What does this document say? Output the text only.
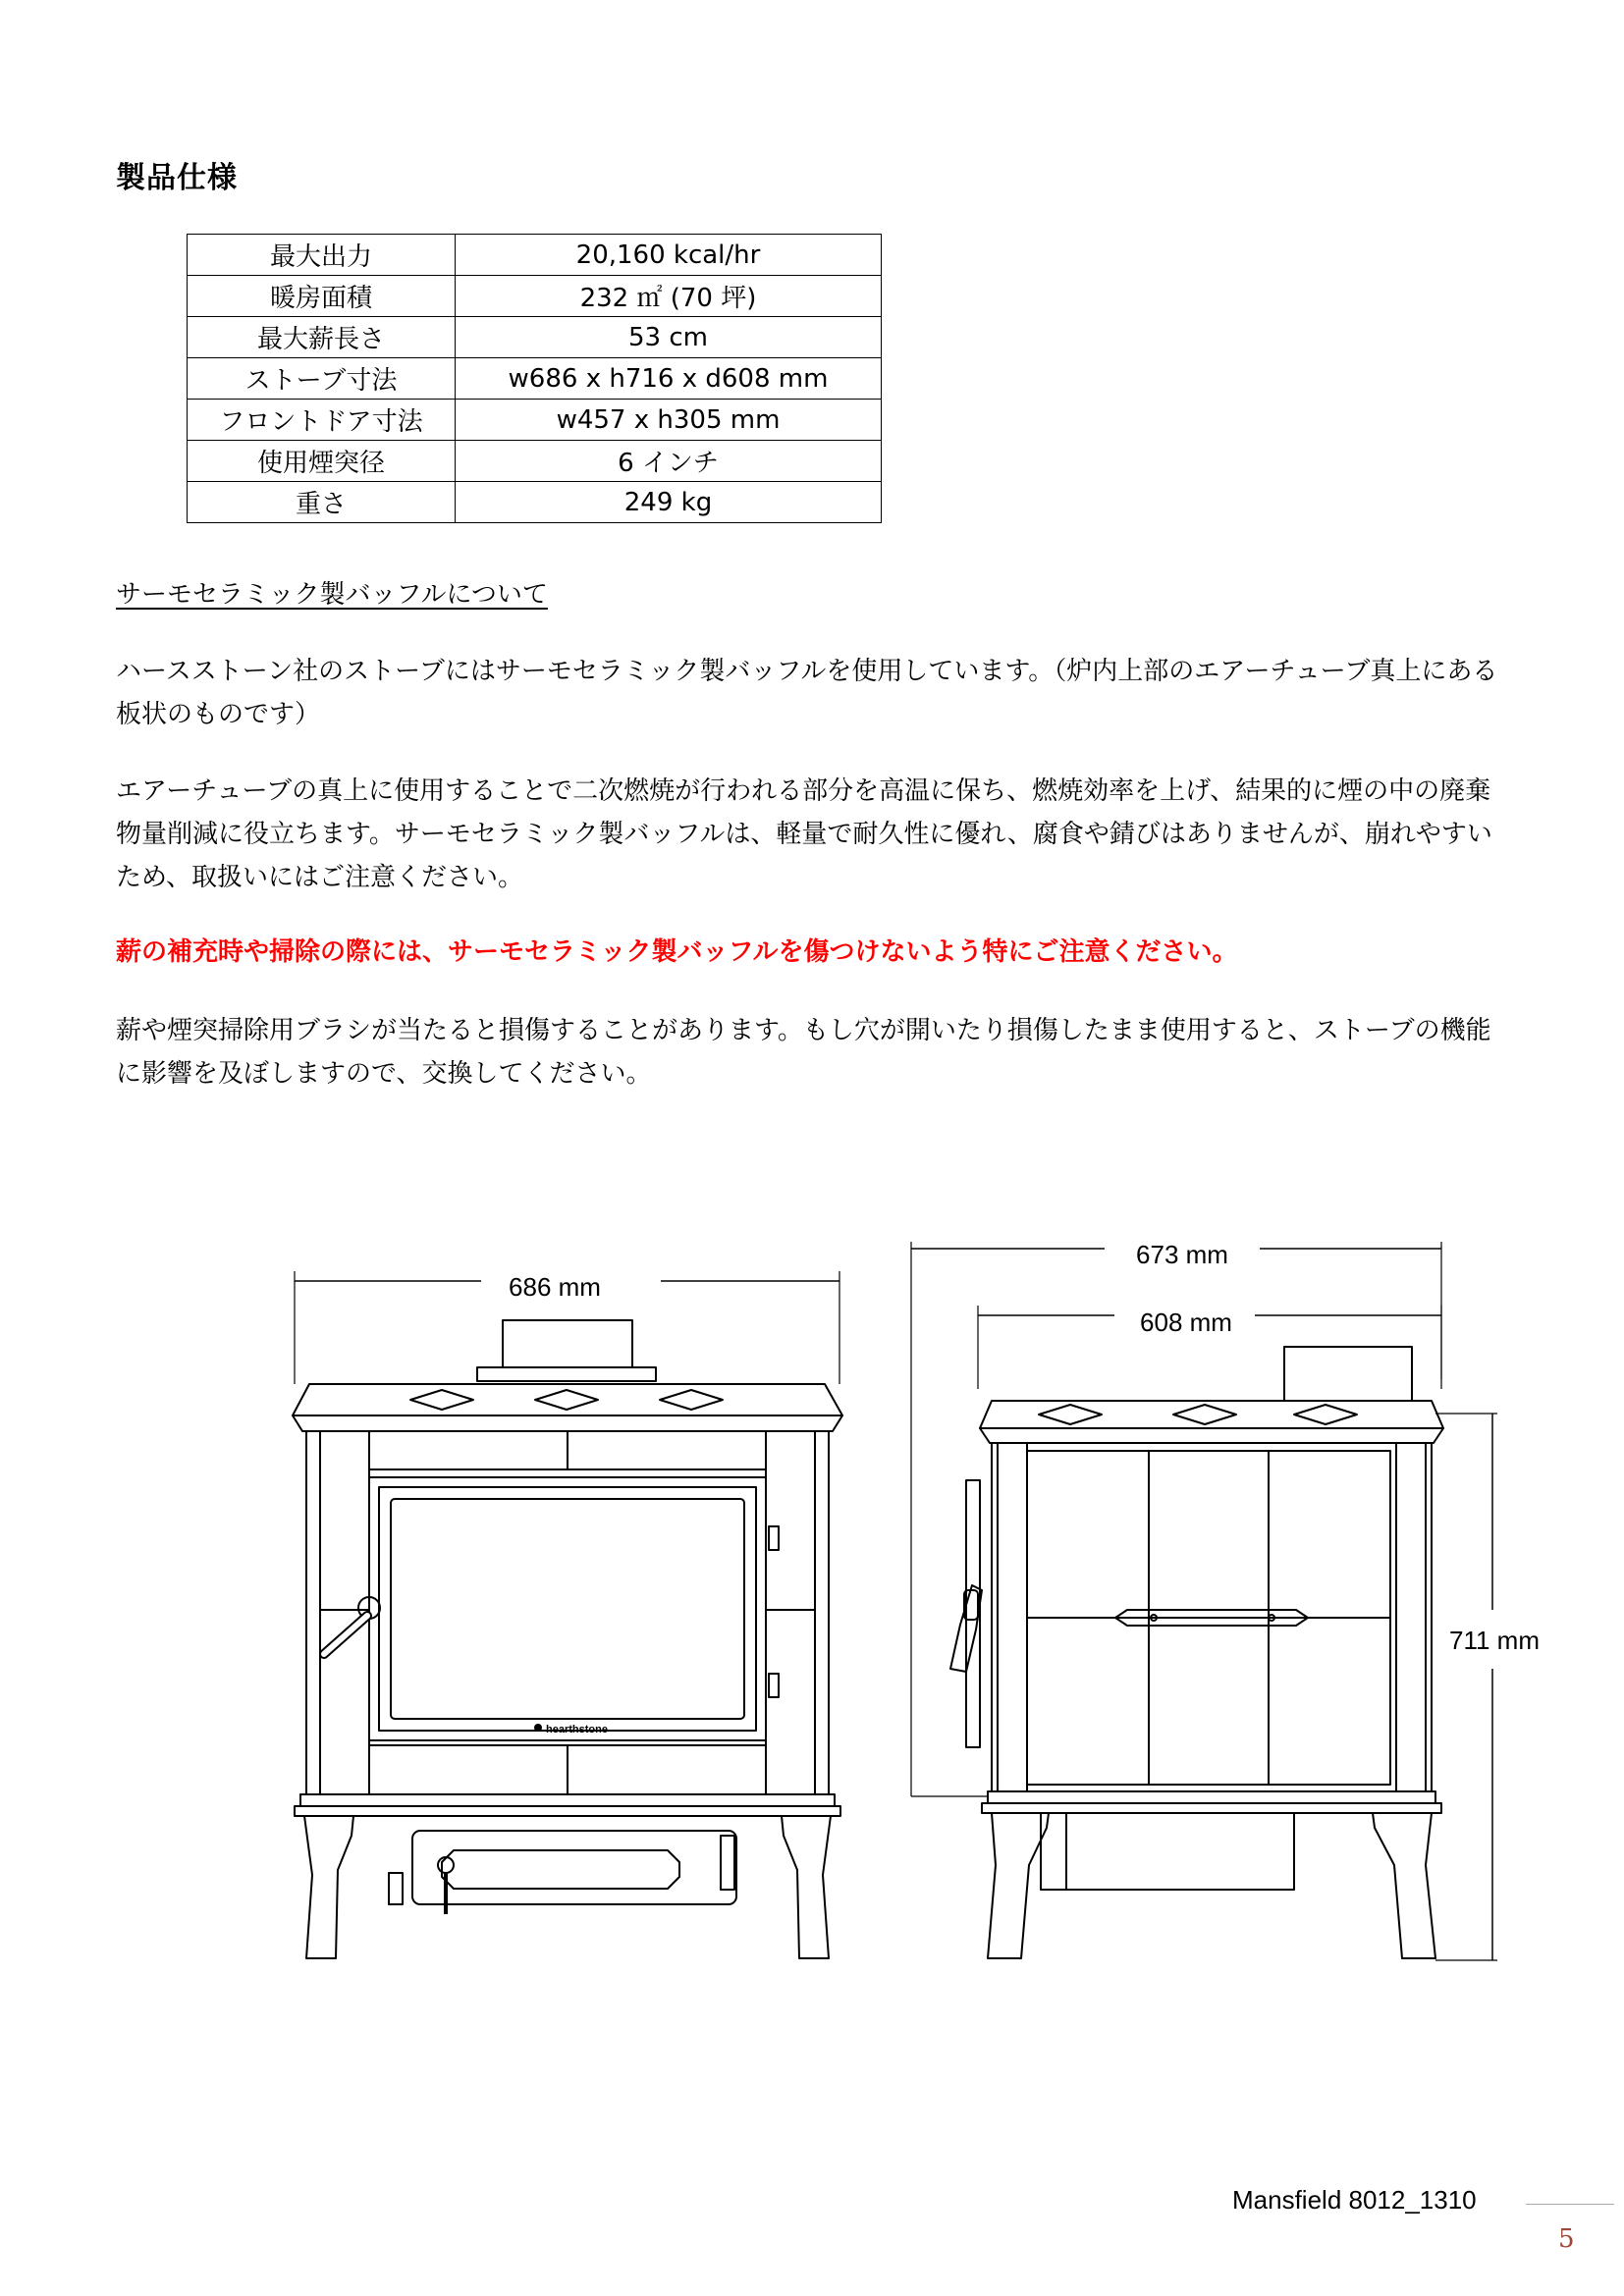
製品仕様
最大出力	20,160 kcal/hr
暖房面積	232 ㎡ (70 坪)
最大薪長さ	53 cm
ストーブ寸法	w686 x h716 x d608 mm
フロントドア寸法	w457 x h305 mm
使用煙突径	6 インチ
重さ	249 kg
サーモセラミック製バッフルについて
ハースストーン社のストーブにはサーモセラミック製バッフルを使用しています。（炉内上部のエアーチューブ真上にある板状のものです）
エアーチューブの真上に使用することで二次燃焼が行われる部分を高温に保ち、燃焼効率を上げ、結果的に煙の中の廃棄物量削減に役立ちます。サーモセラミック製バッフルは、軽量で耐久性に優れ、腐食や錆びはありませんが、崩れやすいため、取扱いにはご注意ください。
薪の補充時や掃除の際には、サーモセラミック製バッフルを傷つけないよう特にご注意ください。
薪や煙突掃除用ブラシが当たると損傷することがあります。もし穴が開いたり損傷したまま使用すると、ストーブの機能に影響を及ぼしますので、交換してください。
686 mm
hearthstone
673 mm
608 mm
711 mm
Mansfield 8012_1310
5
